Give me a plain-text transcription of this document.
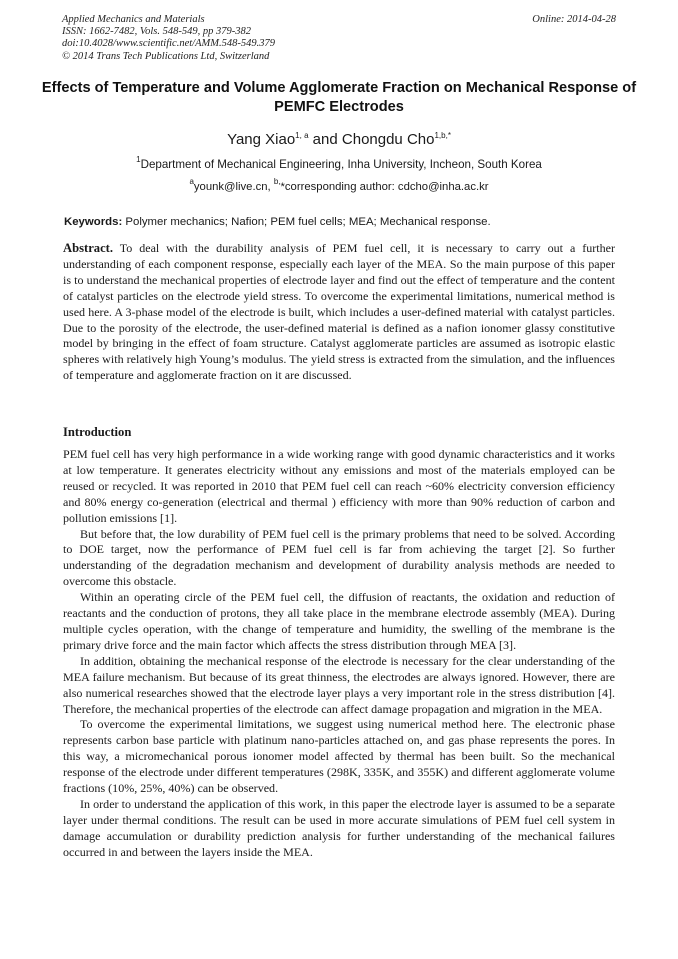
Applied Mechanics and Materials
ISSN: 1662-7482, Vols. 548-549, pp 379-382
doi:10.4028/www.scientific.net/AMM.548-549.379
© 2014 Trans Tech Publications Ltd, Switzerland
Online: 2014-04-28
Effects of Temperature and Volume Agglomerate Fraction on Mechanical Response of PEMFC Electrodes
Yang Xiao$^{1, a}$ and Chongdu Cho$^{1,b,*}$
$^1$Department of Mechanical Engineering, Inha University, Incheon, South Korea
$^a$younk@live.cn, $^{b,}$*corresponding author: cdcho@inha.ac.kr
Keywords: Polymer mechanics; Nafion; PEM fuel cells; MEA; Mechanical response.
Abstract. To deal with the durability analysis of PEM fuel cell, it is necessary to carry out a further understanding of each component response, especially each layer of the MEA. So the main purpose of this paper is to understand the mechanical properties of electrode layer and find out the effect of temperature and the content of catalyst particles on the electrode yield stress. To overcome the experimental limitations, numerical method is used here. A 3-phase model of the electrode is built, which includes a user-defined material with catalyst particles. Due to the porosity of the electrode, the user-defined material is defined as a nafion ionomer glassy constitutive model by bringing in the effect of foam structure. Catalyst agglomerate particles are assumed as isotropic elastic spheres with relatively high Young’s modulus. The yield stress is extracted from the simulation, and the influences of temperature and agglomerate fraction on it are discussed.
Introduction

PEM fuel cell has very high performance in a wide working range with good dynamic characteristics and it works at low temperature. It generates electricity without any emissions and most of the materials employed can be reused or recycled. It was reported in 2010 that PEM fuel cell can reach ~60% electricity conversion efficiency and 80% energy co-generation (electrical and thermal ) efficiency with more than 90% reduction of carbon and pollution emissions [1].

But before that, the low durability of PEM fuel cell is the primary problems that need to be solved. According to DOE target, now the performance of PEM fuel cell is far from achieving the target [2]. So further understanding of the degradation mechanism and development of durability analysis methods are needed to overcome this obstacle.

Within an operating circle of the PEM fuel cell, the diffusion of reactants, the oxidation and reduction of reactants and the conduction of protons, they all take place in the membrane electrode assembly (MEA). During multiple cycles operation, with the change of temperature and humidity, the swelling of the membrane is the primary drive force and the main factor which affects the stress distribution through MEA [3].

In addition, obtaining the mechanical response of the electrode is necessary for the clear understanding of the MEA failure mechanism. But because of its great thinness, the electrodes are always ignored. However, there are also numerical researches showed that the electrode layer plays a very important role in the stress distribution [4]. Therefore, the mechanical properties of the electrode can affect damage propagation and migration in the MEA.

To overcome the experimental limitations, we suggest using numerical method here. The electronic phase represents carbon base particle with platinum nano-particles attached on, and gas phase represents the pores. In this way, a micromechanical porous ionomer model affected by thermal has been built. So the mechanical response of the electrode under different temperatures (298K, 335K, and 355K) and different agglomerate volume fractions (10%, 25%, 40%) can be observed.

In order to understand the application of this work, in this paper the electrode layer is assumed to be a separate layer under thermal conditions. The result can be used in more accurate simulations of PEM fuel cell system in damage accumulation or durability prediction analysis for further understanding of the mechanical failures occurred in and between the layers inside the MEA.
